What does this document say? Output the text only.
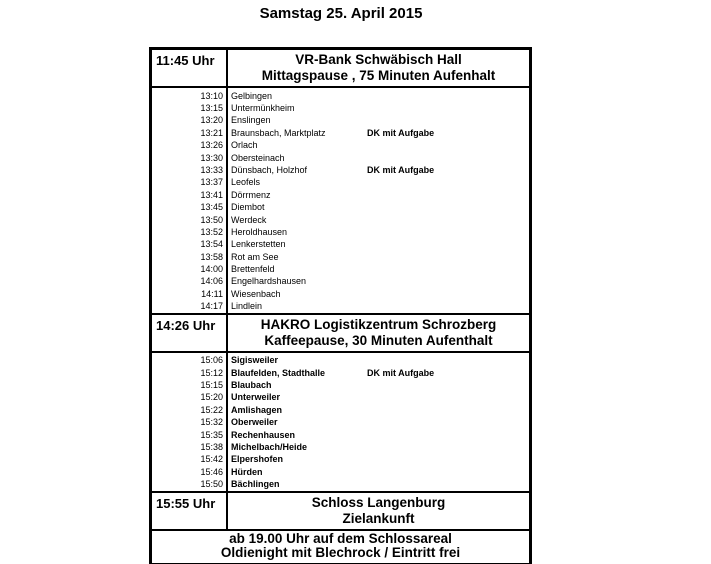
Samstag 25. April 2015
11:45 Uhr	VR-Bank Schwäbisch Hall
Mittagspause , 75 Minuten Aufenhalt
13:10 Gelbingen
13:15 Untermünkheim
13:20 Enslingen
13:21 Braunsbach, Marktplatz	DK mit Aufgabe
13:26 Orlach
13:30 Obersteinach
13:33 Dünsbach, Holzhof	DK mit Aufgabe
13:37 Leofels
13:41 Dörrmenz
13:45 Diembot
13:50 Werdeck
13:52 Heroldhausen
13:54 Lenkerstetten
13:58 Rot am See
14:00 Brettenfeld
14:06 Engelhardshausen
14:11 Wiesenbach
14:17 Lindlein
14:26 Uhr	HAKRO Logistikzentrum Schrozberg
Kaffeepause, 30 Minuten Aufenthalt
15:06 Sigisweiler
15:12 Blaufelden, Stadthalle	DK mit Aufgabe
15:15 Blaubach
15:20 Unterweiler
15:22 Amlishagen
15:32 Oberweiler
15:35 Rechenhausen
15:38 Michelbach/Heide
15:42 Elpershofen
15:46 Hürden
15:50 Bächlingen
15:55 Uhr	Schloss Langenburg
Zielankunft
ab 19.00 Uhr auf dem Schlossareal
Oldienight mit Blechrock / Eintritt frei
